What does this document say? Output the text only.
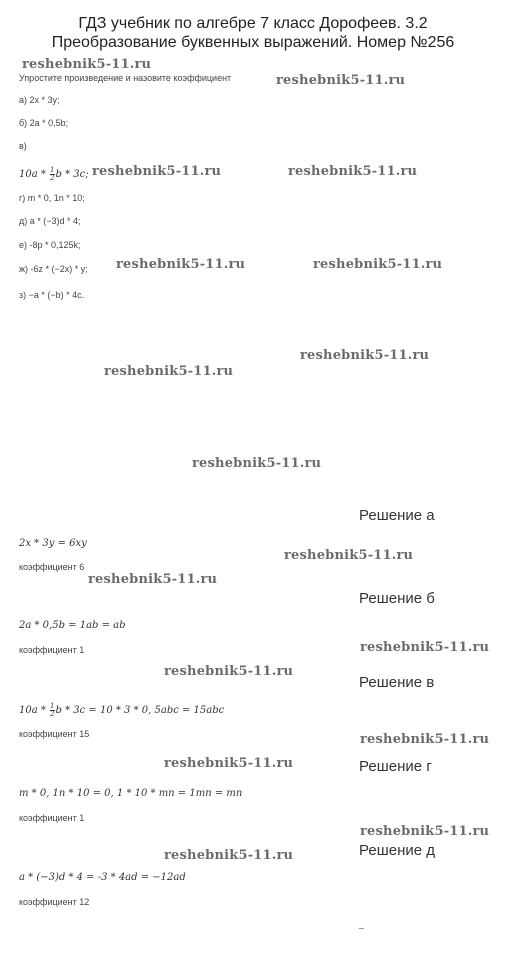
ГДЗ учебник по алгебре 7 класс Дорофеев. 3.2
Преобразование буквенных выражений. Номер №256
reshebnik5-11.ru
reshebnik5-11.ru
reshebnik5-11.ru	reshebnik5-11.ru
reshebnik5-11.ru	reshebnik5-11.ru
reshebnik5-11.ru
reshebnik5-11.ru
reshebnik5-11.ru
reshebnik5-11.ru
reshebnik5-11.ru
reshebnik5-11.ru
reshebnik5-11.ru
reshebnik5-11.ru
reshebnik5-11.ru
reshebnik5-11.ru
reshebnik5-11.ru
Упростите произведение и назовите коэффициент
а) 2x * 3y;
б) 2a * 0,5b;
в)
$10a * \frac{1}{2}$ b * 3c;
г) m * 0, 1n * 10;
д) a * (−3)d * 4;
е) -8p * 0,125k;
ж) -6z * (−2x) * y;
з) −a * (−b) * 4c.
Решение а
2x * 3y = 6xy
коэффициент 6
Решение б
2a * 0,5b = 1ab = ab
коэффициент 1
Решение в
$10a * \frac{1}{2}$ b * 3c = 10 * 3 * 0, 5abc = 15abc
коэффициент 15
Решение г
m * 0, 1n * 10 = 0, 1 * 10 * mn = 1mn = mn
коэффициент 1
Решение д
a * (−3)d * 4 = -3 * 4ad = −12ad
коэффициент 12
